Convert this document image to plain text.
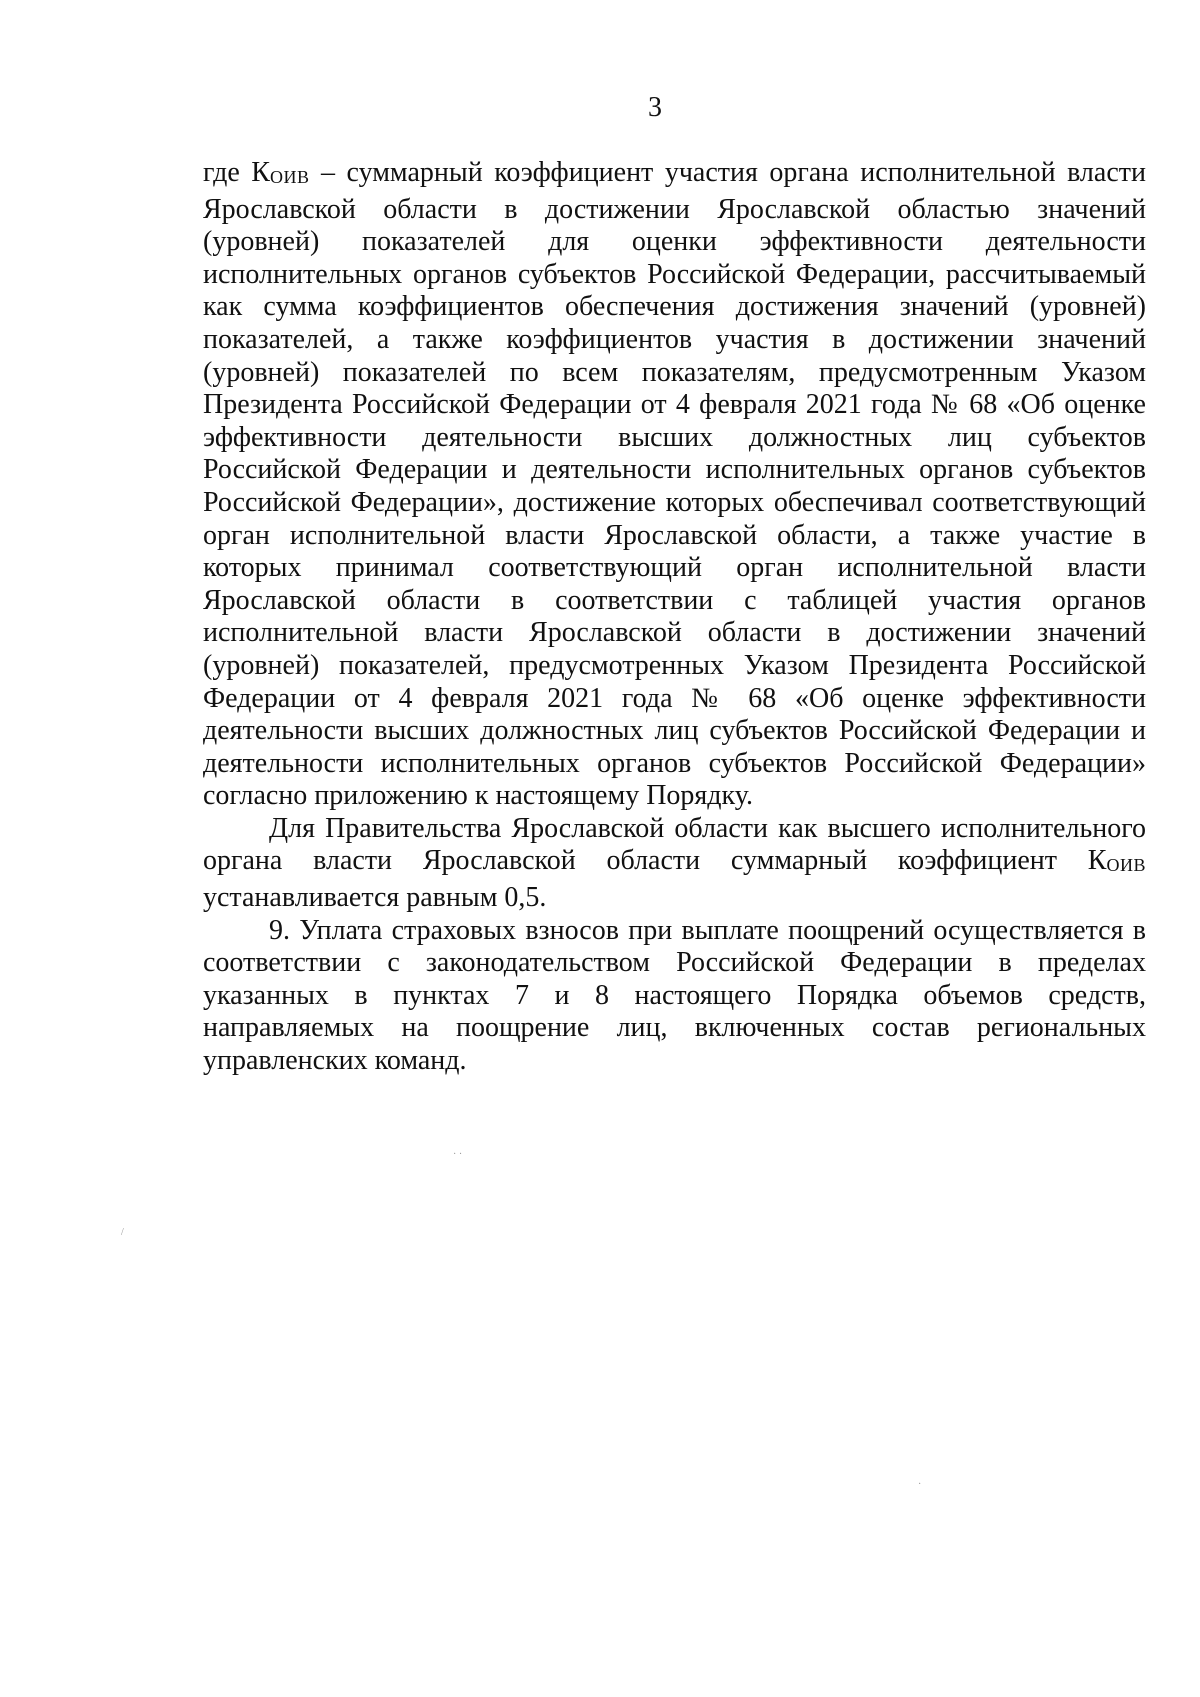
3

где КОИВ – суммарный коэффициент участия органа исполнительной власти Ярославской области в достижении Ярославской областью значений (уровней) показателей для оценки эффективности деятельности исполнительных органов субъектов Российской Федерации, рассчитываемый как сумма коэффициентов обеспечения достижения значений (уровней) показателей, а также коэффициентов участия в достижении значений (уровней) показателей по всем показателям, предусмотренным Указом Президента Российской Федерации от 4 февраля 2021 года № 68 «Об оценке эффективности деятельности высших должностных лиц субъектов Российской Федерации и деятельности исполнительных органов субъектов Российской Федерации», достижение которых обеспечивал соответствующий орган исполнительной власти Ярославской области, а также участие в которых принимал соответствующий орган исполнительной власти Ярославской области в соответствии с таблицей участия органов исполнительной власти Ярославской области в достижении значений (уровней) показателей, предусмотренных Указом Президента Российской Федерации от 4 февраля 2021 года № 68 «Об оценке эффективности деятельности высших должностных лиц субъектов Российской Федерации и деятельности исполнительных органов субъектов Российской Федерации» согласно приложению к настоящему Порядку.

Для Правительства Ярославской области как высшего исполнительного органа власти Ярославской области суммарный коэффициент КОИВ устанавливается равным 0,5.

9. Уплата страховых взносов при выплате поощрений осуществляется в соответствии с законодательством Российской Федерации в пределах указанных в пунктах 7 и 8 настоящего Порядка объемов средств, направляемых на поощрение лиц, включенных состав региональных управленских команд.

· ·
/
·
